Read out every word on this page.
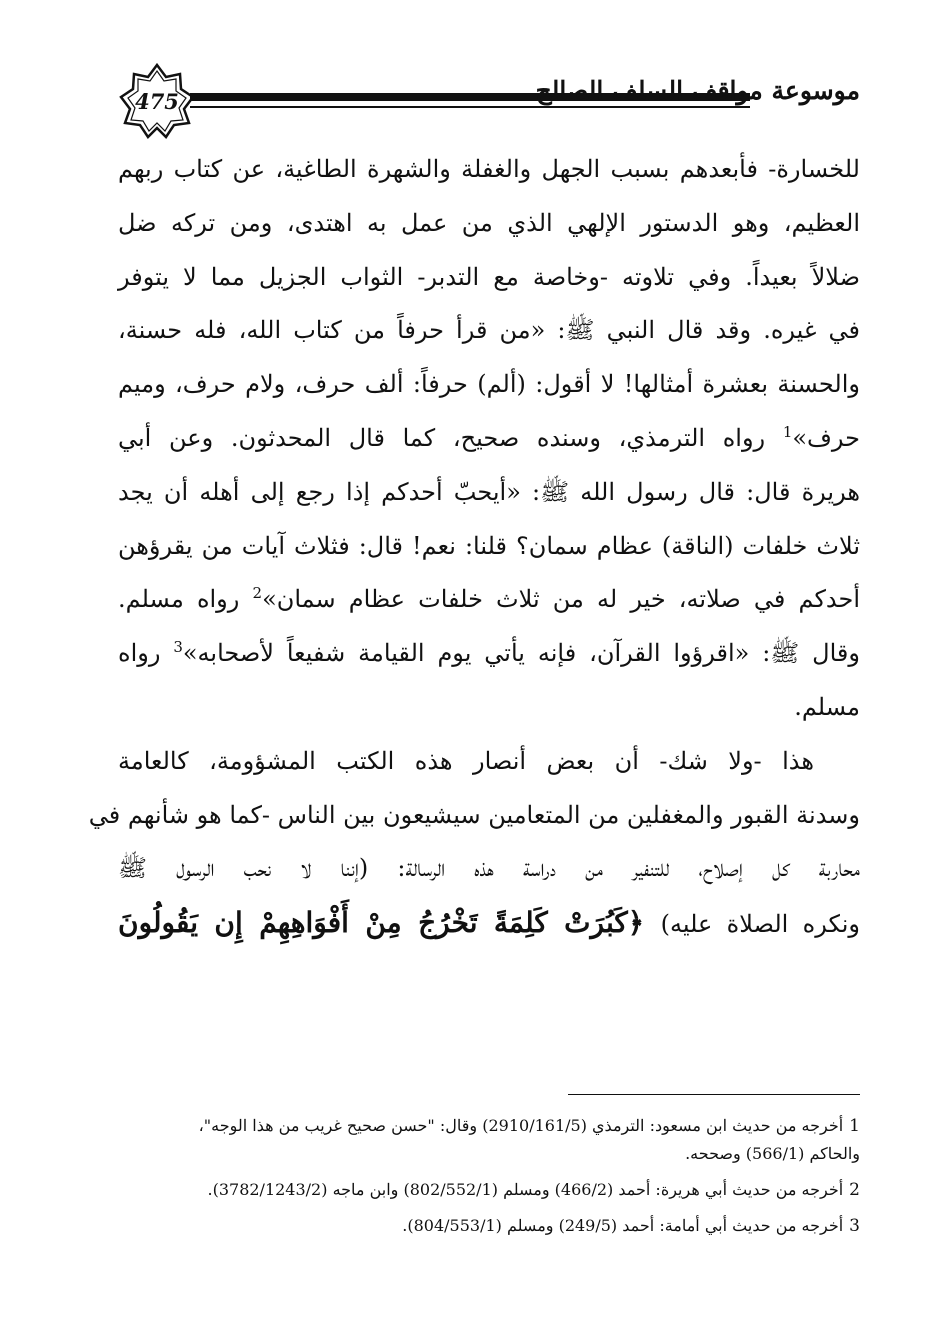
475	موسوعة مواقف السلف الصالح
للخسارة- فأبعدهم بسبب الجهل والغفلة والشهرة الطاغية، عن كتاب ربهم
العظيم، وهو الدستور الإلهي الذي من عمل به اهتدى، ومن تركه ضل
ضلالاً بعيداً. وفي تلاوته -وخاصة مع التدبر- الثواب الجزيل مما لا يتوفر
في غيره. وقد قال النبي ﷺ: «من قرأ حرفاً من كتاب الله، فله حسنة،
والحسنة بعشرة أمثالها! لا أقول: (ألم) حرفاً: ألف حرف، ولام حرف، وميم
حرف»$^1$ رواه الترمذي، وسنده صحيح، كما قال المحدثون. وعن أبي
هريرة قال: قال رسول الله ﷺ: «أيحبّ أحدكم إذا رجع إلى أهله أن يجد
ثلاث خلفات (الناقة) عظام سمان؟ قلنا: نعم! قال: فثلاث آيات من يقرؤهن
أحدكم في صلاته، خير له من ثلاث خلفات عظام سمان»$^2$ رواه مسلم.
وقال ﷺ: «اقرؤوا القرآن، فإنه يأتي يوم القيامة شفيعاً لأصحابه»$^3$ رواه
مسلم.
هذا -ولا شك- أن بعض أنصار هذه الكتب المشؤومة، كالعامة
وسدنة القبور والمغفلين من المتعامين سيشيعون بين الناس -كما هو شأنهم في
محاربة كل إصلاح، للتنفير من دراسة هذه الرسالة: (إننا لا نحب الرسول ﷺ
ونكره الصلاة عليه) ﴿كَبُرَتْ كَلِمَةً تَخْرُجُ مِنْ أَفْوَاهِهِمْ إِن يَقُولُونَ
1أخرجه من حديث ابن مسعود: الترمذي (2910/161/5) وقال: "حسن صحيح غريب من هذا الوجه"،
والحاكم (566/1) وصححه.
2أخرجه من حديث أبي هريرة: أحمد (466/2) ومسلم (802/552/1) وابن ماجه (3782/1243/2).
3أخرجه من حديث أبي أمامة: أحمد (249/5) ومسلم (804/553/1).
